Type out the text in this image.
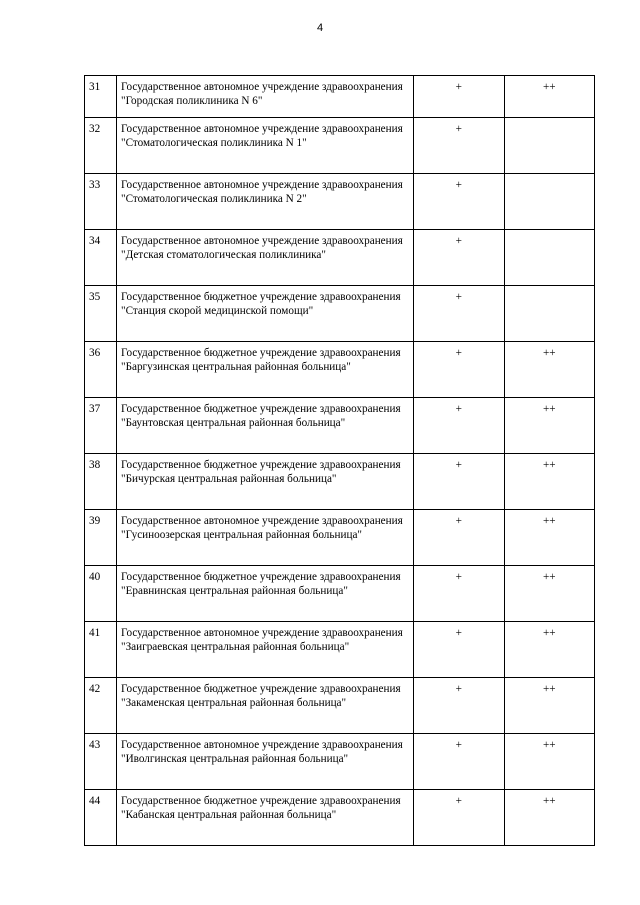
4
31	Государственное автономное учреждение здравоохранения "Городская поликлиника N 6"	+	++
32	Государственное автономное учреждение здравоохранения "Стоматологическая поликлиника N 1"	+	
33	Государственное автономное учреждение здравоохранения "Стоматологическая поликлиника N 2"	+	
34	Государственное автономное учреждение здравоохранения "Детская стоматологическая поликлиника"	+	
35	Государственное бюджетное учреждение здравоохранения "Станция скорой медицинской помощи"	+	
36	Государственное бюджетное учреждение здравоохранения "Баргузинская центральная районная больница"	+	++
37	Государственное бюджетное учреждение здравоохранения "Баунтовская центральная районная больница"	+	++
38	Государственное бюджетное учреждение здравоохранения "Бичурская центральная районная больница"	+	++
39	Государственное автономное учреждение здравоохранения "Гусиноозерская центральная районная больница"	+	++
40	Государственное бюджетное учреждение здравоохранения "Еравнинская центральная районная больница"	+	++
41	Государственное автономное учреждение здравоохранения "Заиграевская центральная районная больница"	+	++
42	Государственное бюджетное учреждение здравоохранения "Закаменская центральная районная больница"	+	++
43	Государственное автономное учреждение здравоохранения "Иволгинская центральная районная больница"	+	++
44	Государственное бюджетное учреждение здравоохранения "Кабанская центральная районная больница"	+	++
